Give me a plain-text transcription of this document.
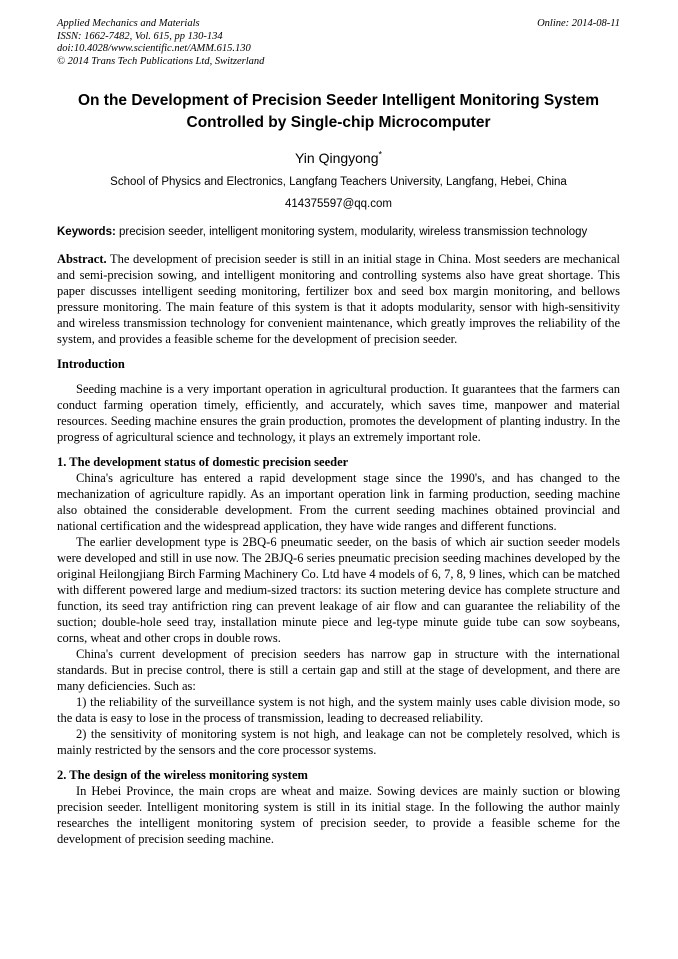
Applied Mechanics and Materials
ISSN: 1662-7482, Vol. 615, pp 130-134
doi:10.4028/www.scientific.net/AMM.615.130
© 2014 Trans Tech Publications Ltd, Switzerland
Online: 2014-08-11
On the Development of Precision Seeder Intelligent Monitoring System Controlled by Single-chip Microcomputer
Yin Qingyong*
School of Physics and Electronics, Langfang Teachers University, Langfang, Hebei, China
414375597@qq.com

Keywords: precision seeder, intelligent monitoring system, modularity, wireless transmission technology

Abstract. The development of precision seeder is still in an initial stage in China. Most seeders are mechanical and semi-precision sowing, and intelligent monitoring and controlling systems also have great shortage. This paper discusses intelligent seeding monitoring, fertilizer box and seed box margin monitoring, and bellows pressure monitoring. The main feature of this system is that it adopts modularity, sensor with high-sensitivity and wireless transmission technology for convenient maintenance, which greatly improves the reliability of the system, and provides a feasible scheme for the development of precision seeder.

Introduction

Seeding machine is a very important operation in agricultural production. It guarantees that the farmers can conduct farming operation timely, efficiently, and accurately, which saves time, manpower and material resources. Seeding machine ensures the grain production, promotes the development of planting industry. In the progress of agricultural science and technology, it plays an extremely important role.

1. The development status of domestic precision seeder

China's agriculture has entered a rapid development stage since the 1990's, and has changed to the mechanization of agriculture rapidly. As an important operation link in farming production, seeding machine also obtained the considerable development. From the current seeding machines obtained provincial and national certification and the widespread application, they have wide ranges and different functions.

The earlier development type is 2BQ-6 pneumatic seeder, on the basis of which air suction seeder models were developed and still in use now. The 2BJQ-6 series pneumatic precision seeding machines developed by the original Heilongjiang Birch Farming Machinery Co. Ltd have 4 models of 6, 7, 8, 9 lines, which can be matched with different powered large and medium-sized tractors: its suction metering device has complete structure and function, its seed tray antifriction ring can prevent leakage of air flow and can guarantee the reliability of the suction; double-hole seed tray, installation minute piece and leg-type minute guide tube can sow soybeans, corns, wheat and other crops in double rows.

China's current development of precision seeders has narrow gap in structure with the international standards. But in precise control, there is still a certain gap and still at the stage of development, and there are many deficiencies. Such as:

1) the reliability of the surveillance system is not high, and the system mainly uses cable division mode, so the data is easy to lose in the process of transmission, leading to decreased reliability.

2) the sensitivity of monitoring system is not high, and leakage can not be completely resolved, which is mainly restricted by the sensors and the core processor systems.

2. The design of the wireless monitoring system

In Hebei Province, the main crops are wheat and maize. Sowing devices are mainly suction or blowing precision seeder. Intelligent monitoring system is still in its initial stage. In the following the author mainly researches the intelligent monitoring system of precision seeder, to provide a feasible scheme for the development of precision seeding machine.
